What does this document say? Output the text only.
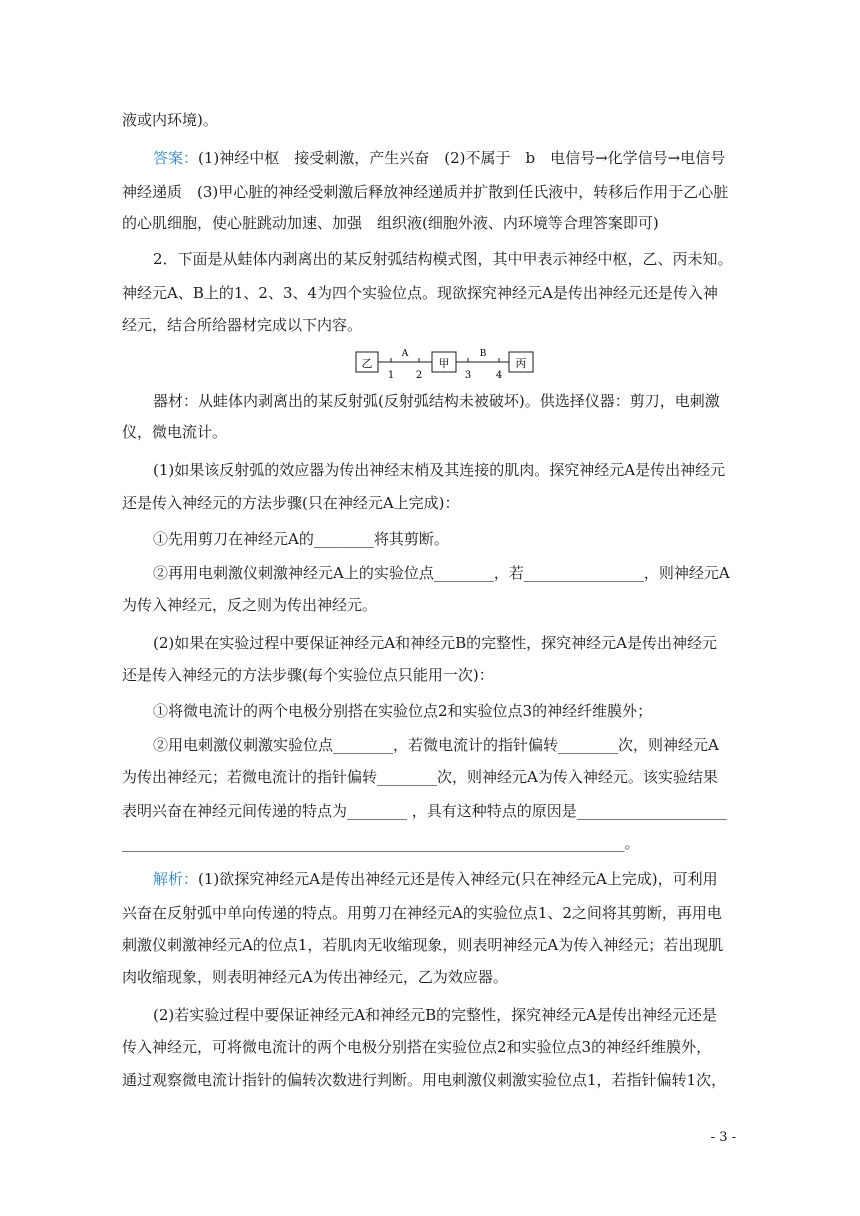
液或内环境)。
答案：(1)神经中枢　接受刺激，产生兴奋　(2)不属于　b　电信号→化学信号→电信号
神经递质　(3)甲心脏的神经受刺激后释放神经递质并扩散到任氏液中，转移后作用于乙心脏
的心肌细胞，使心脏跳动加速、加强　组织液(细胞外液、内环境等合理答案即可)
2．下面是从蛙体内剥离出的某反射弧结构模式图，其中甲表示神经中枢，乙、丙未知。
神经元A、B上的1、2、3、4为四个实验位点。现欲探究神经元A是传出神经元还是传入神
经元，结合所给器材完成以下内容。
乙	甲	丙
A	B
1 2	3 4
器材：从蛙体内剥离出的某反射弧(反射弧结构未被破坏)。供选择仪器：剪刀，电刺激
仪，微电流计。
(1)如果该反射弧的效应器为传出神经末梢及其连接的肌肉。探究神经元A是传出神经元
还是传入神经元的方法步骤(只在神经元A上完成)：
①先用剪刀在神经元A的________将其剪断。
②再用电刺激仪刺激神经元A上的实验位点________，若________________，则神经元A
为传入神经元，反之则为传出神经元。
(2)如果在实验过程中要保证神经元A和神经元B的完整性，探究神经元A是传出神经元
还是传入神经元的方法步骤(每个实验位点只能用一次)：
①将微电流计的两个电极分别搭在实验位点2和实验位点3的神经纤维膜外；
②用电刺激仪刺激实验位点________，若微电流计的指针偏转________次，则神经元A
为传出神经元；若微电流计的指针偏转________次，则神经元A为传入神经元。该实验结果
表明兴奋在神经元间传递的特点为________ ，具有这种特点的原因是____________________
___________________________________________________________________。
解析：(1)欲探究神经元A是传出神经元还是传入神经元(只在神经元A上完成)，可利用
兴奋在反射弧中单向传递的特点。用剪刀在神经元A的实验位点1、2之间将其剪断，再用电
刺激仪刺激神经元A的位点1，若肌肉无收缩现象，则表明神经元A为传入神经元；若出现肌
肉收缩现象，则表明神经元A为传出神经元，乙为效应器。
(2)若实验过程中要保证神经元A和神经元B的完整性，探究神经元A是传出神经元还是
传入神经元，可将微电流计的两个电极分别搭在实验位点2和实验位点3的神经纤维膜外，
通过观察微电流计指针的偏转次数进行判断。用电刺激仪刺激实验位点1，若指针偏转1次，
- 3 -
